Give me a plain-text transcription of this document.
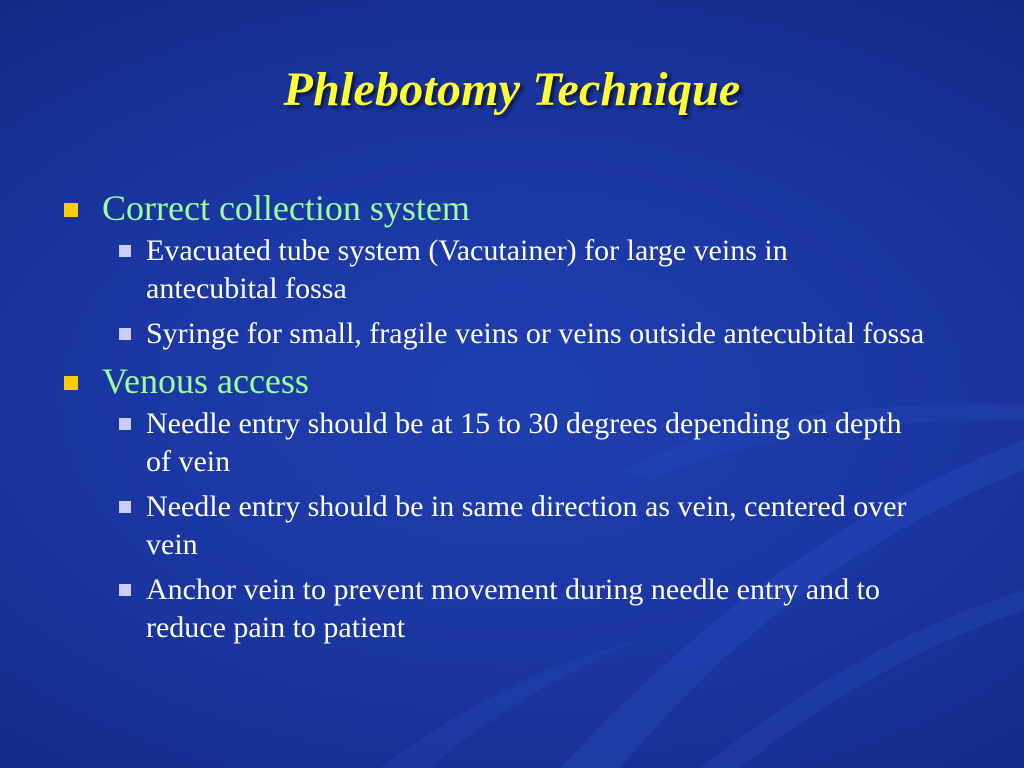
Phlebotomy Technique
Correct collection system
Evacuated tube system (Vacutainer) for large veins in antecubital fossa
Syringe for small, fragile veins or veins outside antecubital fossa
Venous access
Needle entry should be at 15 to 30 degrees depending on depth of vein
Needle entry should be in same direction as vein, centered over vein
Anchor vein to prevent movement during needle entry and to reduce pain to patient
